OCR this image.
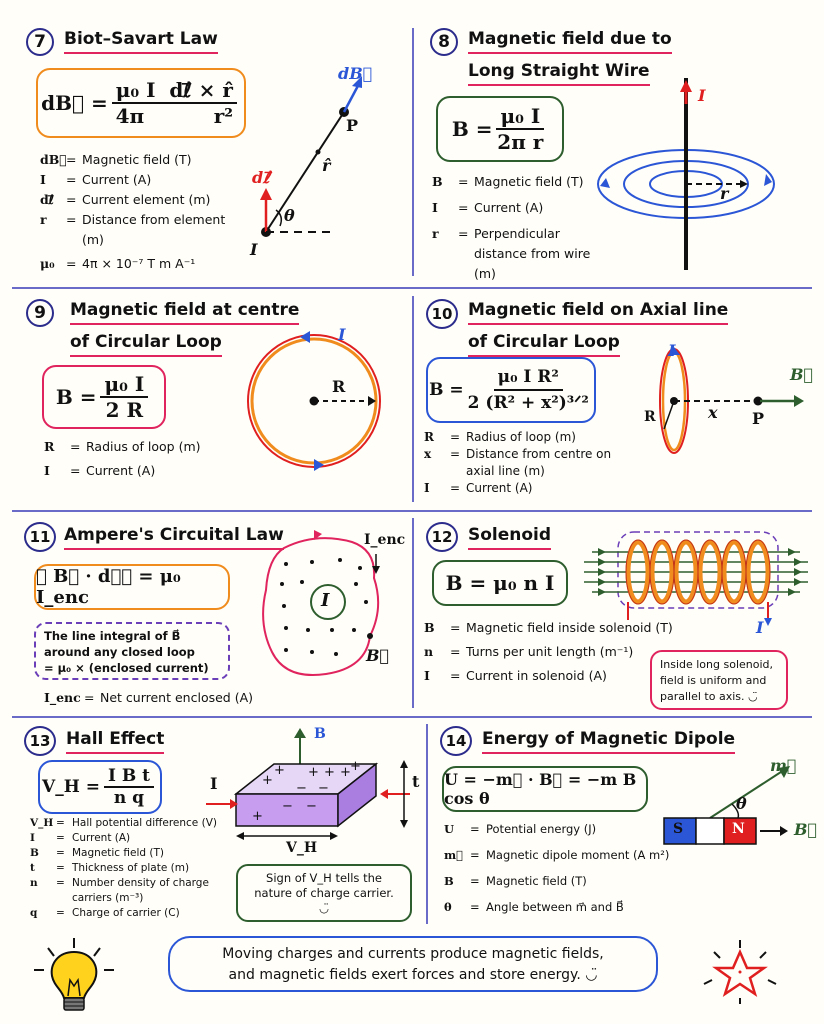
7	Biot–Savart Law
dB⃗ = $\frac{\text{μ₀ I  dℓ⃗ × r̂}}{\text{4π          r²}}$
dB⃗ = Magnetic field (T)
I	= Current (A)
dℓ⃗ = Current element (m)
r	= Distance from element (m)
μ₀ = 4π × 10⁻⁷ T m A⁻¹
dB⃗
P
r̂
dℓ⃗
θ
I
8	Magnetic field due to
Long Straight Wire
$B = \frac{\text{μ₀ I}}{\text{2π r}}$
B	= Magnetic field (T)
I	= Current (A)
r	= Perpendicular distance from wire (m)
I
r
9	Magnetic field at centre
of Circular Loop
$B = \frac{\text{μ₀ I}}{2 R}$
R	= Radius of loop (m)
I	= Current (A)
I
R
10 Magnetic field on Axial line
of Circular Loop
$B = \frac{\text{μ₀ I R²}}{\text{2 (R² + x²)³ᐟ²}}$
R	= Radius of loop (m)
x	= Distance from centre on axial line (m)
I	= Current (A)
I
R	x P
B⃗
11 Ampere's Circuital Law
∮ B⃗ · dℓ⃗ = μ₀ I_enc
The line integral of B⃗
around any closed loop
= μ₀ × (enclosed current)
I_enc = Net current enclosed (A)
I_enc
I
B⃗
12 Solenoid
B = μ₀ n I
B	= Magnetic field inside solenoid (T)
n	= Turns per unit length (m⁻¹)
I	= Current in solenoid (A)
Inside long solenoid,
field is uniform and
parallel to axis. ◡̈
I
13 Hall Effect
V_H = $\frac{\text{I B t}}{\text{n q}}$
V_H = Hall potential difference (V)
I	= Current (A)
B	= Magnetic field (T)
t	= Thickness of plate (m)
n	= Number density of charge carriers (m⁻³)
q	= Charge of carrier (C)
+
+ + + + +
− −
− −
+
B
I	t
V_H
Sign of V_H tells the
nature of charge carrier.
◡̈
14 Energy of Magnetic Dipole
U = −m⃗ · B⃗ = −m B cos θ
U	= Potential energy (J)
m⃗ = Magnetic dipole moment (A m²)
B	= Magnetic field (T)
θ	= Angle between m⃗ and B⃗
m⃗
θ
S	N	B⃗
Moving charges and currents produce magnetic fields,
and magnetic fields exert forces and store energy. ◡̈
